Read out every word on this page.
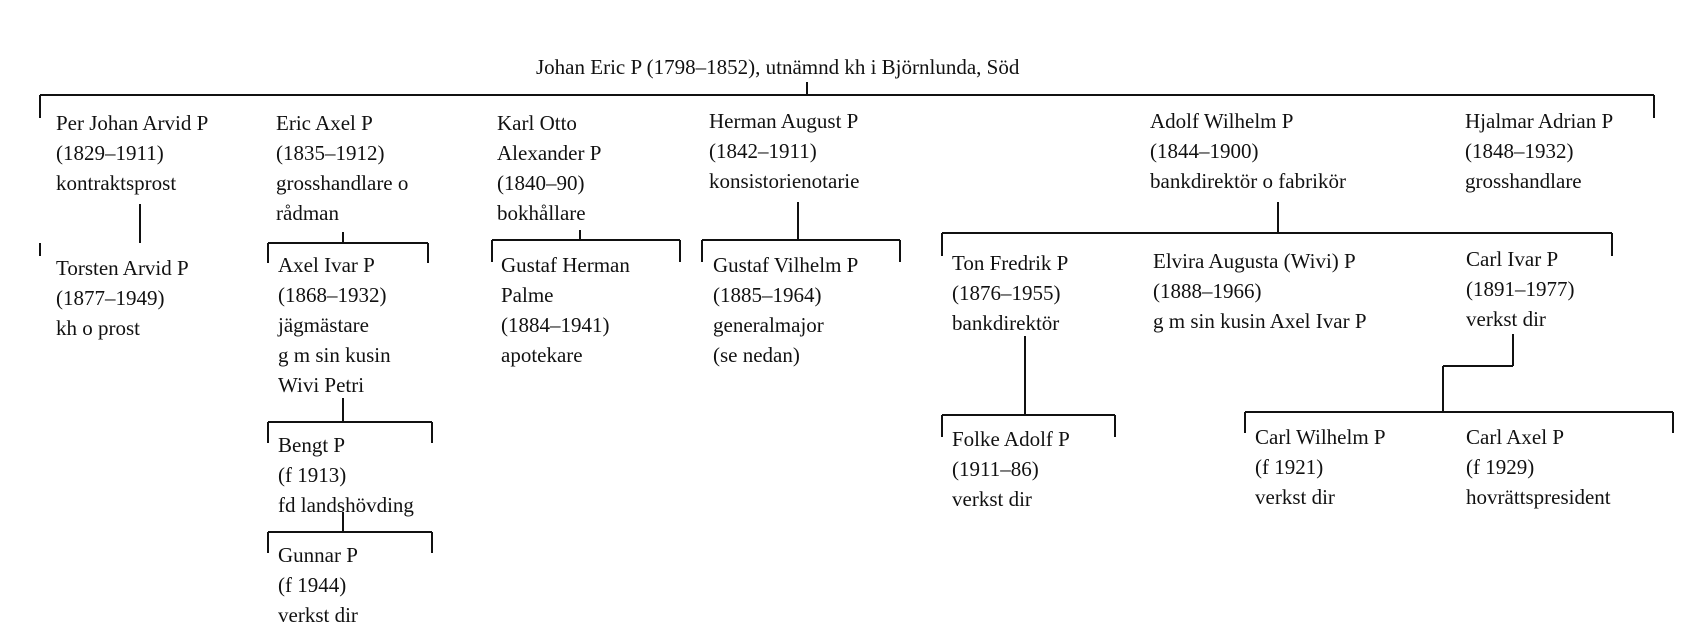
Johan Eric P (1798–1852), utnämnd kh i Björnlunda, Söd
Per Johan Arvid P
(1829–1911)
kontraktsprost
Eric Axel P
(1835–1912)
grosshandlare o
rådman
Karl Otto
Alexander P
(1840–90)
bokhållare
Herman August P
(1842–1911)
konsistorienotarie
Adolf Wilhelm P
(1844–1900)
bankdirektör o fabrikör
Hjalmar Adrian P
(1848–1932)
grosshandlare
Torsten Arvid P
(1877–1949)
kh o prost
Axel Ivar P
(1868–1932)
jägmästare
g m sin kusin
Wivi Petri
Gustaf Herman
Palme
(1884–1941)
apotekare
Gustaf Vilhelm P
(1885–1964)
generalmajor
(se nedan)
Ton Fredrik P
(1876–1955)
bankdirektör
Elvira Augusta (Wivi) P
(1888–1966)
g m sin kusin Axel Ivar P
Carl Ivar P
(1891–1977)
verkst dir
Bengt P
(f 1913)
fd landshövding
Gunnar P
(f 1944)
verkst dir
Folke Adolf P
(1911–86)
verkst dir
Carl Wilhelm P
(f 1921)
verkst dir
Carl Axel P
(f 1929)
hovrättspresident
